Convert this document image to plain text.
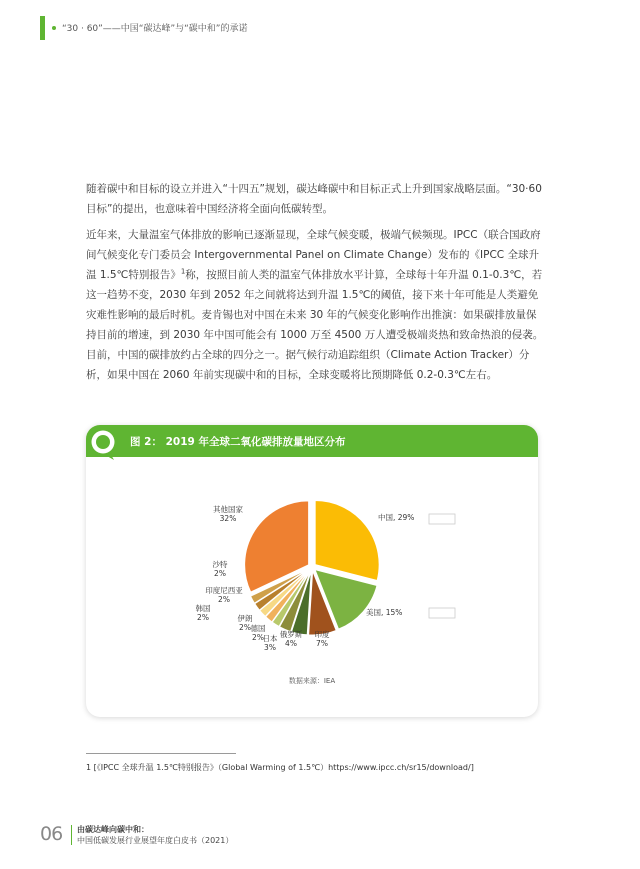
“30 · 60”——中国“碳达峰”与“碳中和”的承诺

随着碳中和目标的设立并进入“十四五”规划，碳达峰碳中和目标正式上升到国家战略层面。“30·60目标”的提出，也意味着中国经济将全面向低碳转型。

近年来，大量温室气体排放的影响已逐渐显现，全球气候变暖，极端气候频现。IPCC（联合国政府间气候变化专门委员会 Intergovernmental Panel on Climate Change）发布的《IPCC 全球升温 1.5℃特别报告》$^1$称，按照目前人类的温室气体排放水平计算，全球每十年升温 0.1-0.3℃，若这一趋势不变，2030 年到 2052 年之间就将达到升温 1.5℃的阈值，接下来十年可能是人类避免灾难性影响的最后时机。麦肯锡也对中国在未来 30 年的气候变化影响作出推演：如果碳排放量保持目前的增速，到 2030 年中国可能会有 1000 万至 4500 万人遭受极端炎热和致命热浪的侵袭。

目前，中国的碳排放约占全球的四分之一。据气候行动追踪组织（Climate Action Tracker）分析，如果中国在 2060 年前实现碳中和的目标，全球变暖将比预期降低 0.2-0.3℃左右。

图 2： 2019 年全球二氧化碳排放量地区分布
中国, 29%
美国, 15%
印度 7%
俄罗斯 4%
日本 3%
德国 2%
伊朗 2%
韩国 2%
印度尼西亚 2%
沙特 2%
其他国家 32%
数据来源：IEA
1 [《IPCC 全球升温 1.5℃特别报告》（Global Warming of 1.5℃）https://www.ipcc.ch/sr15/download/]
06 由碳达峰向碳中和：
中国低碳发展行业展望年度白皮书（2021）
